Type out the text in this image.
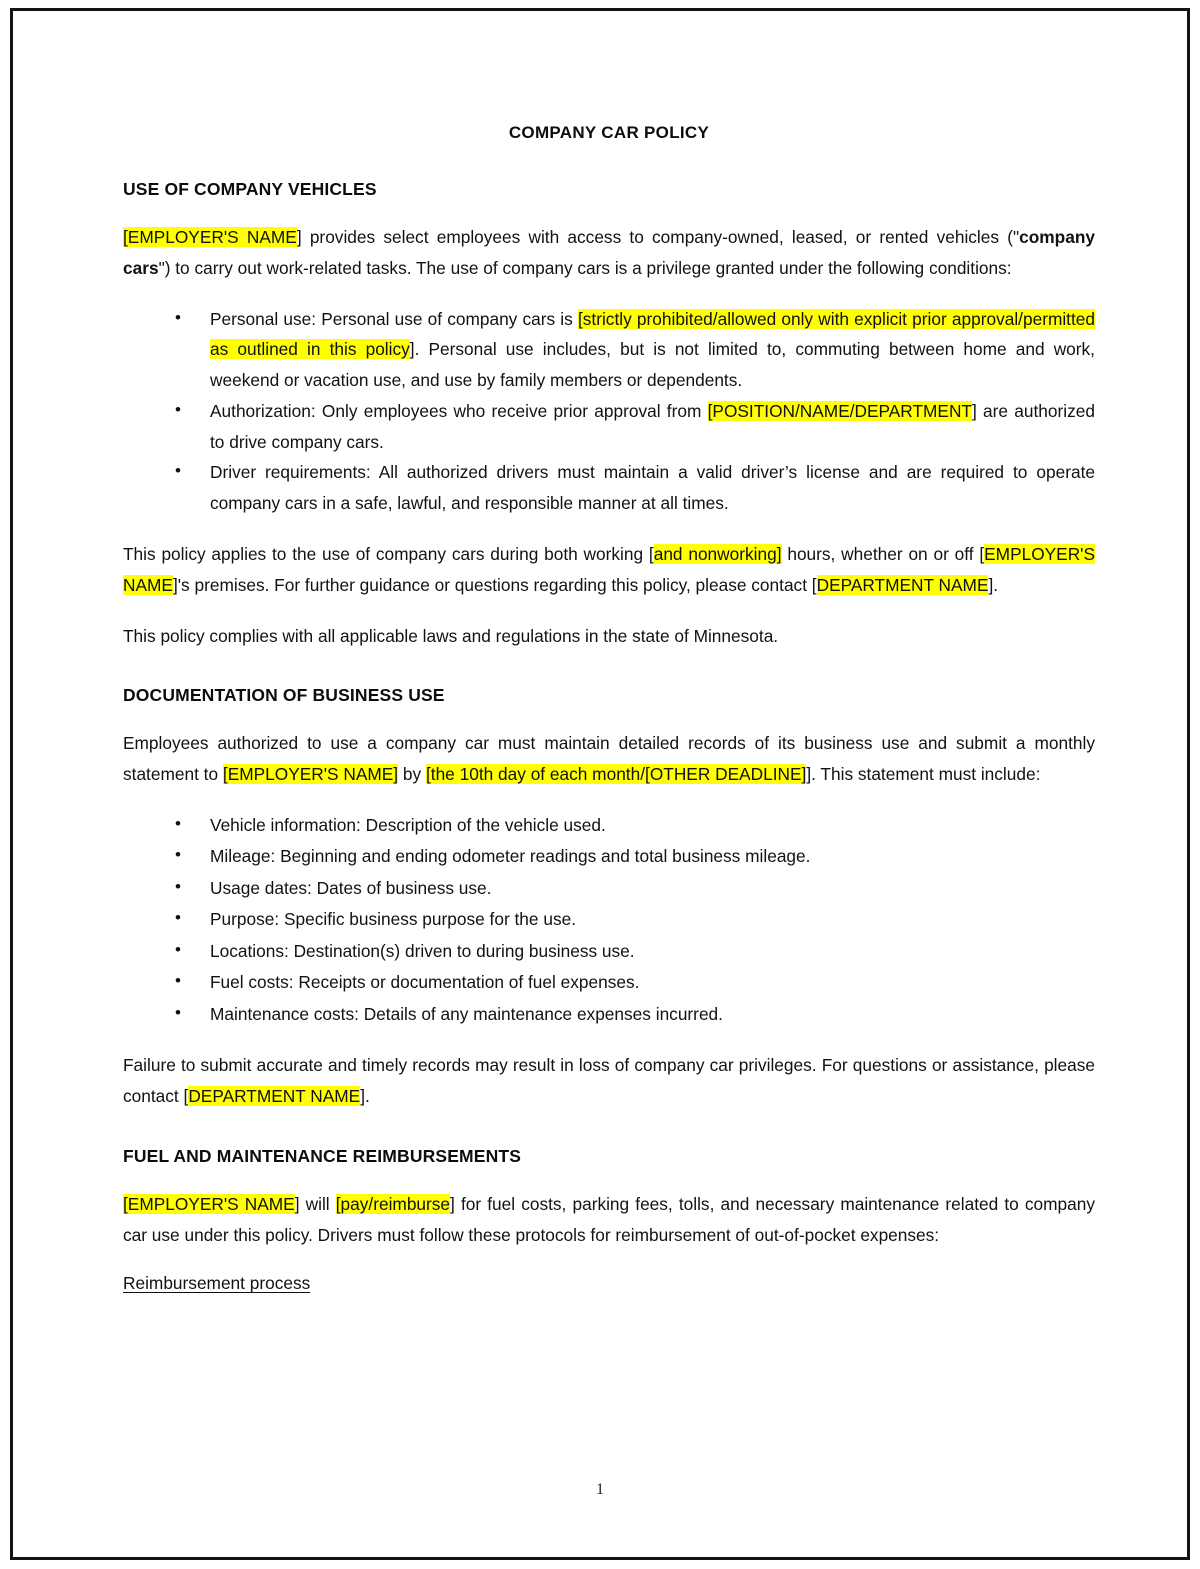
COMPANY CAR POLICY
USE OF COMPANY VEHICLES

[EMPLOYER'S NAME] provides select employees with access to company-owned, leased, or rented vehicles ("company cars") to carry out work-related tasks. The use of company cars is a privilege granted under the following conditions:

• Personal use: Personal use of company cars is [strictly prohibited/allowed only with explicit prior approval/permitted as outlined in this policy]. Personal use includes, but is not limited to, commuting between home and work, weekend or vacation use, and use by family members or dependents.
• Authorization: Only employees who receive prior approval from [POSITION/NAME/DEPARTMENT] are authorized to drive company cars.
• Driver requirements: All authorized drivers must maintain a valid driver’s license and are required to operate company cars in a safe, lawful, and responsible manner at all times.

This policy applies to the use of company cars during both working [and nonworking] hours, whether on or off [EMPLOYER'S NAME]'s premises. For further guidance or questions regarding this policy, please contact [DEPARTMENT NAME].

This policy complies with all applicable laws and regulations in the state of Minnesota.

DOCUMENTATION OF BUSINESS USE

Employees authorized to use a company car must maintain detailed records of its business use and submit a monthly statement to [EMPLOYER'S NAME] by [the 10th day of each month/[OTHER DEADLINE]]. This statement must include:

• Vehicle information: Description of the vehicle used.
• Mileage: Beginning and ending odometer readings and total business mileage.
• Usage dates: Dates of business use.
• Purpose: Specific business purpose for the use.
• Locations: Destination(s) driven to during business use.
• Fuel costs: Receipts or documentation of fuel expenses.
• Maintenance costs: Details of any maintenance expenses incurred.

Failure to submit accurate and timely records may result in loss of company car privileges. For questions or assistance, please contact [DEPARTMENT NAME].

FUEL AND MAINTENANCE REIMBURSEMENTS

[EMPLOYER'S NAME] will [pay/reimburse] for fuel costs, parking fees, tolls, and necessary maintenance related to company car use under this policy. Drivers must follow these protocols for reimbursement of out-of-pocket expenses:

Reimbursement process

1
